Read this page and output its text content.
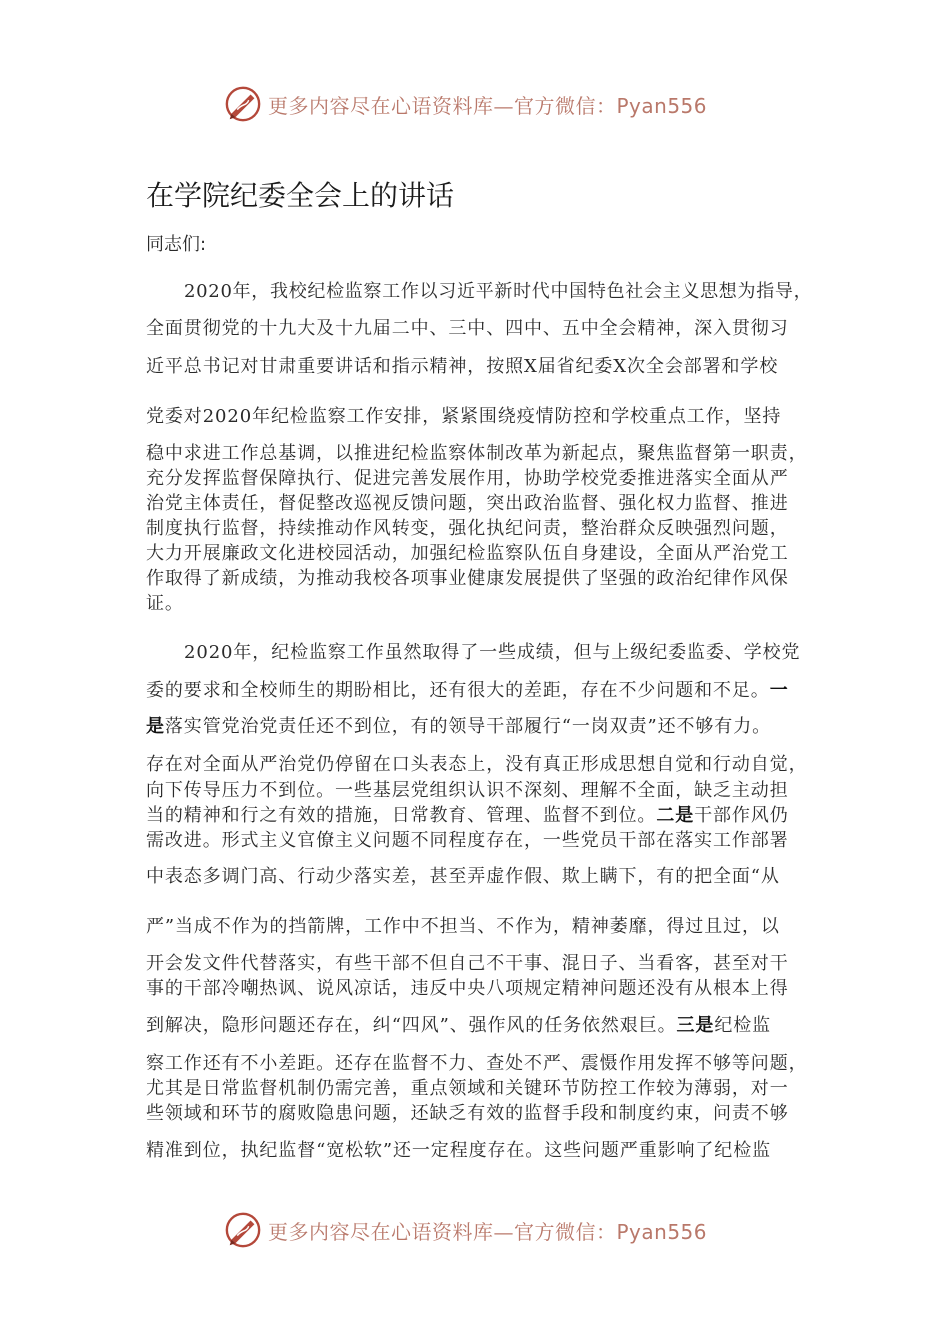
更多内容尽在心语资料库—官方微信：Pyan556
在学院纪委全会上的讲话
同志们:
2020年，我校纪检监察工作以习近平新时代中国特色社会主义思想为指导，
全面贯彻党的十九大及十九届二中、三中、四中、五中全会精神，深入贯彻习
近平总书记对甘肃重要讲话和指示精神，按照X届省纪委X次全会部署和学校
党委对2020年纪检监察工作安排，紧紧围绕疫情防控和学校重点工作，坚持
稳中求进工作总基调，以推进纪检监察体制改革为新起点，聚焦监督第一职责，
充分发挥监督保障执行、促进完善发展作用，协助学校党委推进落实全面从严
治党主体责任，督促整改巡视反馈问题，突出政治监督、强化权力监督、推进
制度执行监督，持续推动作风转变，强化执纪问责，整治群众反映强烈问题，
大力开展廉政文化进校园活动，加强纪检监察队伍自身建设，全面从严治党工
作取得了新成绩，为推动我校各项事业健康发展提供了坚强的政治纪律作风保
证。
2020年，纪检监察工作虽然取得了一些成绩，但与上级纪委监委、学校党
委的要求和全校师生的期盼相比，还有很大的差距，存在不少问题和不足。一
是落实管党治党责任还不到位，有的领导干部履行“一岗双责”还不够有力。
存在对全面从严治党仍停留在口头表态上，没有真正形成思想自觉和行动自觉，
向下传导压力不到位。一些基层党组织认识不深刻、理解不全面，缺乏主动担
当的精神和行之有效的措施，日常教育、管理、监督不到位。二是干部作风仍
需改进。形式主义官僚主义问题不同程度存在，一些党员干部在落实工作部署
中表态多调门高、行动少落实差，甚至弄虚作假、欺上瞒下，有的把全面“从
严”当成不作为的挡箭牌，工作中不担当、不作为，精神萎靡，得过且过，以
开会发文件代替落实，有些干部不但自己不干事、混日子、当看客，甚至对干
事的干部冷嘲热讽、说风凉话，违反中央八项规定精神问题还没有从根本上得
到解决，隐形问题还存在，纠“四风”、强作风的任务依然艰巨。三是纪检监
察工作还有不小差距。还存在监督不力、查处不严、震慑作用发挥不够等问题，
尤其是日常监督机制仍需完善，重点领域和关键环节防控工作较为薄弱，对一
些领域和环节的腐败隐患问题，还缺乏有效的监督手段和制度约束，问责不够
精准到位，执纪监督“宽松软”还一定程度存在。这些问题严重影响了纪检监
更多内容尽在心语资料库—官方微信：Pyan556
